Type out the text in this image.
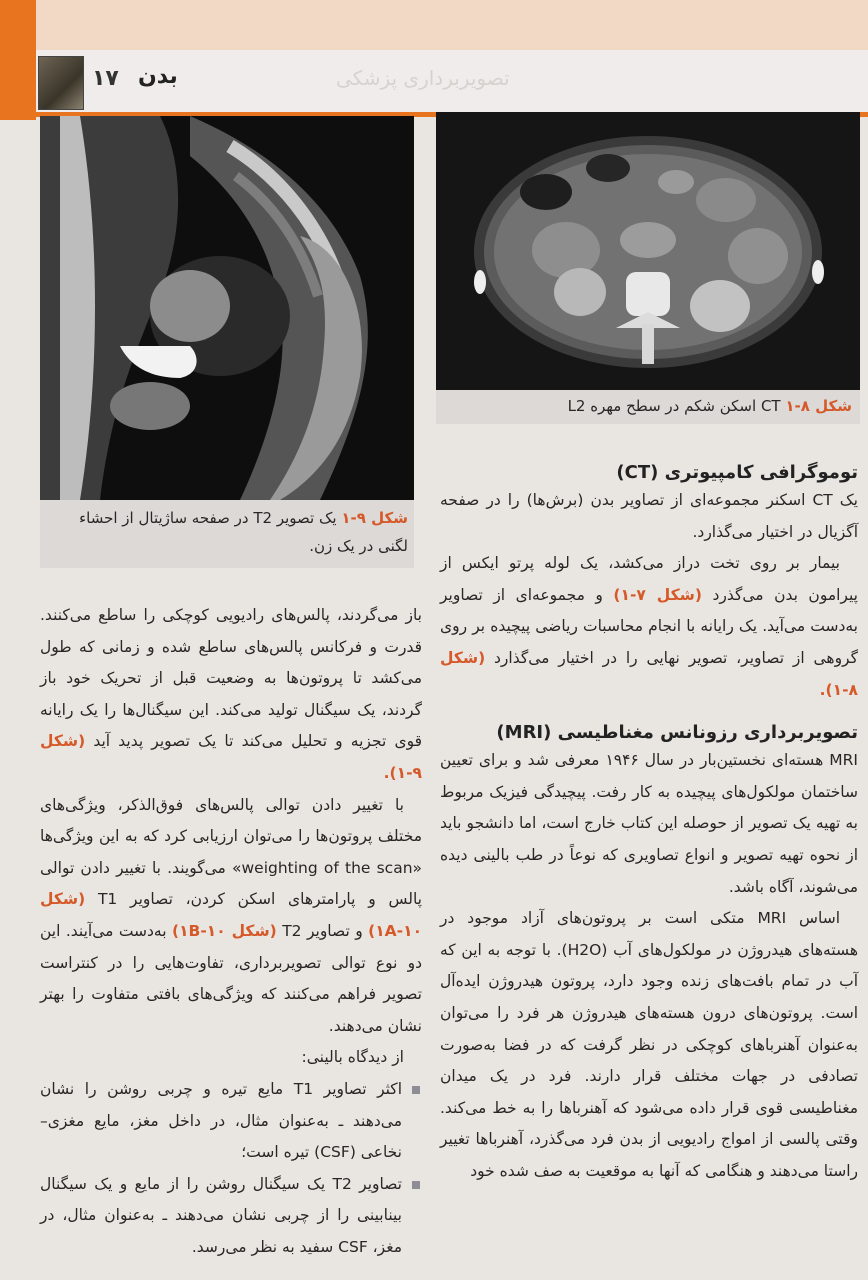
۱۷ بدن	تصویربرداری پزشکی
شکل ۸-۱ CT اسکن شکم در سطح مهره L2
شکل ۹-۱ یک تصویر T2 در صفحه ساژیتال از احشاء لگنی در یک زن.
توموگرافی کامپیوتری (CT)

یک CT اسکنر مجموعه‌ای از تصاویر بدن (برش‌ها) را در صفحه آگزیال در اختیار می‌گذارد.

بیمار بر روی تخت دراز می‌کشد، یک لوله پرتو ایکس از پیرامون بدن می‌گذرد (شکل ۷-۱) و مجموعه‌ای از تصاویر به‌دست می‌آید. یک رایانه با انجام محاسبات ریاضی پیچیده بر روی گروهی از تصاویر، تصویر نهایی را در اختیار می‌گذارد (شکل ۸-۱).

تصویربرداری رزونانس مغناطیسی (MRI)

MRI هسته‌ای نخستین‌بار در سال ۱۹۴۶ معرفی شد و برای تعیین ساختمان مولکول‌های پیچیده به کار رفت. پیچیدگی فیزیک مربوط به تهیه یک تصویر از حوصله این کتاب خارج است، اما دانشجو باید از نحوه تهیه تصویر و انواع تصاویری که نوعاً در طب بالینی دیده می‌شوند، آگاه باشد.

اساس MRI متکی است بر پروتون‌های آزاد موجود در هسته‌های هیدروژن در مولکول‌های آب (H2O). با توجه به این که آب در تمام بافت‌های زنده وجود دارد، پروتون هیدروژن ایده‌آل است. پروتون‌های درون هسته‌های هیدروژن هر فرد را می‌توان به‌عنوان آهنرباهای کوچکی در نظر گرفت که در فضا به‌صورت تصادفی در جهات مختلف قرار دارند. فرد در یک میدان مغناطیسی قوی قرار داده می‌شود که آهنرباها را به خط می‌کند. وقتی پالسی از امواج رادیویی از بدن فرد می‌گذرد، آهنرباها تغییر راستا می‌دهند و هنگامی که آنها به موقعیت به صف شده خود

باز می‌گردند، پالس‌های رادیویی کوچکی را ساطع می‌کنند. قدرت و فرکانس پالس‌های ساطع شده و زمانی که طول می‌کشد تا پروتون‌ها به وضعیت قبل از تحریک خود باز گردند، یک سیگنال تولید می‌کند. این سیگنال‌ها را یک رایانه قوی تجزیه و تحلیل می‌کند تا یک تصویر پدید آید (شکل ۹-۱).

با تغییر دادن توالی پالس‌های فوق‌الذکر، ویژگی‌های مختلف پروتون‌ها را می‌توان ارزیابی کرد که به این ویژگی‌ها «weighting of the scan» می‌گویند. با تغییر دادن توالی پالس و پارامترهای اسکن کردن، تصاویر T1 (شکل ۱۰-۱A) و تصاویر T2 (شکل ۱۰-۱B) به‌دست می‌آیند. این دو نوع توالی تصویربرداری، تفاوت‌هایی را در کنتراست تصویر فراهم می‌کنند که ویژگی‌های بافتی متفاوت را بهتر نشان می‌دهند.

از دیدگاه بالینی:

اکثر تصاویر T1 مایع تیره و چربی روشن را نشان می‌دهند ـ به‌عنوان مثال، در داخل مغز، مایع مغزی–نخاعی (CSF) تیره است؛
تصاویر T2 یک سیگنال روشن را از مایع و یک سیگنال بینابینی را از چربی نشان می‌دهند ـ به‌عنوان مثال، در مغز، CSF سفید به نظر می‌رسد.
